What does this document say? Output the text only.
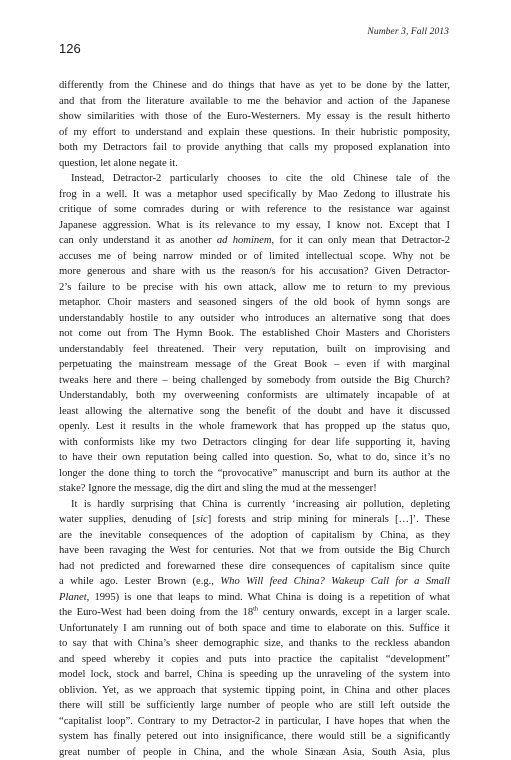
Number 3, Fall 2013
126
differently from the Chinese and do things that have as yet to be done by the latter,
and that from the literature available to me the behavior and action of the Japanese
show similarities with those of the Euro-Westerners. My essay is the result hitherto
of my effort to understand and explain these questions. In their hubristic pomposity,
both my Detractors fail to provide anything that calls my proposed explanation into
question, let alone negate it.
Instead, Detractor-2 particularly chooses to cite the old Chinese tale of the
frog in a well. It was a metaphor used specifically by Mao Zedong to illustrate his
critique of some comrades during or with reference to the resistance war against
Japanese aggression. What is its relevance to my essay, I know not. Except that I
can only understand it as another ad hominem, for it can only mean that Detractor-2
accuses me of being narrow minded or of limited intellectual scope. Why not be
more generous and share with us the reason/s for his accusation? Given Detractor-
2’s failure to be precise with his own attack, allow me to return to my previous
metaphor. Choir masters and seasoned singers of the old book of hymn songs are
understandably hostile to any outsider who introduces an alternative song that does
not come out from The Hymn Book. The established Choir Masters and Choristers
understandably feel threatened. Their very reputation, built on improvising and
perpetuating the mainstream message of the Great Book – even if with marginal
tweaks here and there – being challenged by somebody from outside the Big Church?
Understandably, both my overweening conformists are ultimately incapable of at
least allowing the alternative song the benefit of the doubt and have it discussed
openly. Lest it results in the whole framework that has propped up the status quo,
with conformists like my two Detractors clinging for dear life supporting it, having
to have their own reputation being called into question. So, what to do, since it’s no
longer the done thing to torch the “provocative” manuscript and burn its author at the
stake? Ignore the message, dig the dirt and sling the mud at the messenger!
It is hardly surprising that China is currently ‘increasing air pollution, depleting
water supplies, denuding of [sic] forests and strip mining for minerals […]’. These
are the inevitable consequences of the adoption of capitalism by China, as they
have been ravaging the West for centuries. Not that we from outside the Big Church
had not predicted and forewarned these dire consequences of capitalism since quite
a while ago. Lester Brown (e.g., Who Will feed China? Wakeup Call for a Small
Planet, 1995) is one that leaps to mind. What China is doing is a repetition of what
the Euro-West had been doing from the 18th century onwards, except in a larger scale.
Unfortunately I am running out of both space and time to elaborate on this. Suffice it
to say that with China’s sheer demographic size, and thanks to the reckless abandon
and speed whereby it copies and puts into practice the capitalist “development”
model lock, stock and barrel, China is speeding up the unraveling of the system into
oblivion. Yet, as we approach that systemic tipping point, in China and other places
there will still be sufficiently large number of people who are still left outside the
“capitalist loop”. Contrary to my Detractor-2 in particular, I have hopes that when the
system has finally petered out into insignificance, there would still be a significantly
great number of people in China, and the whole Sinæan Asia, South Asia, plus
